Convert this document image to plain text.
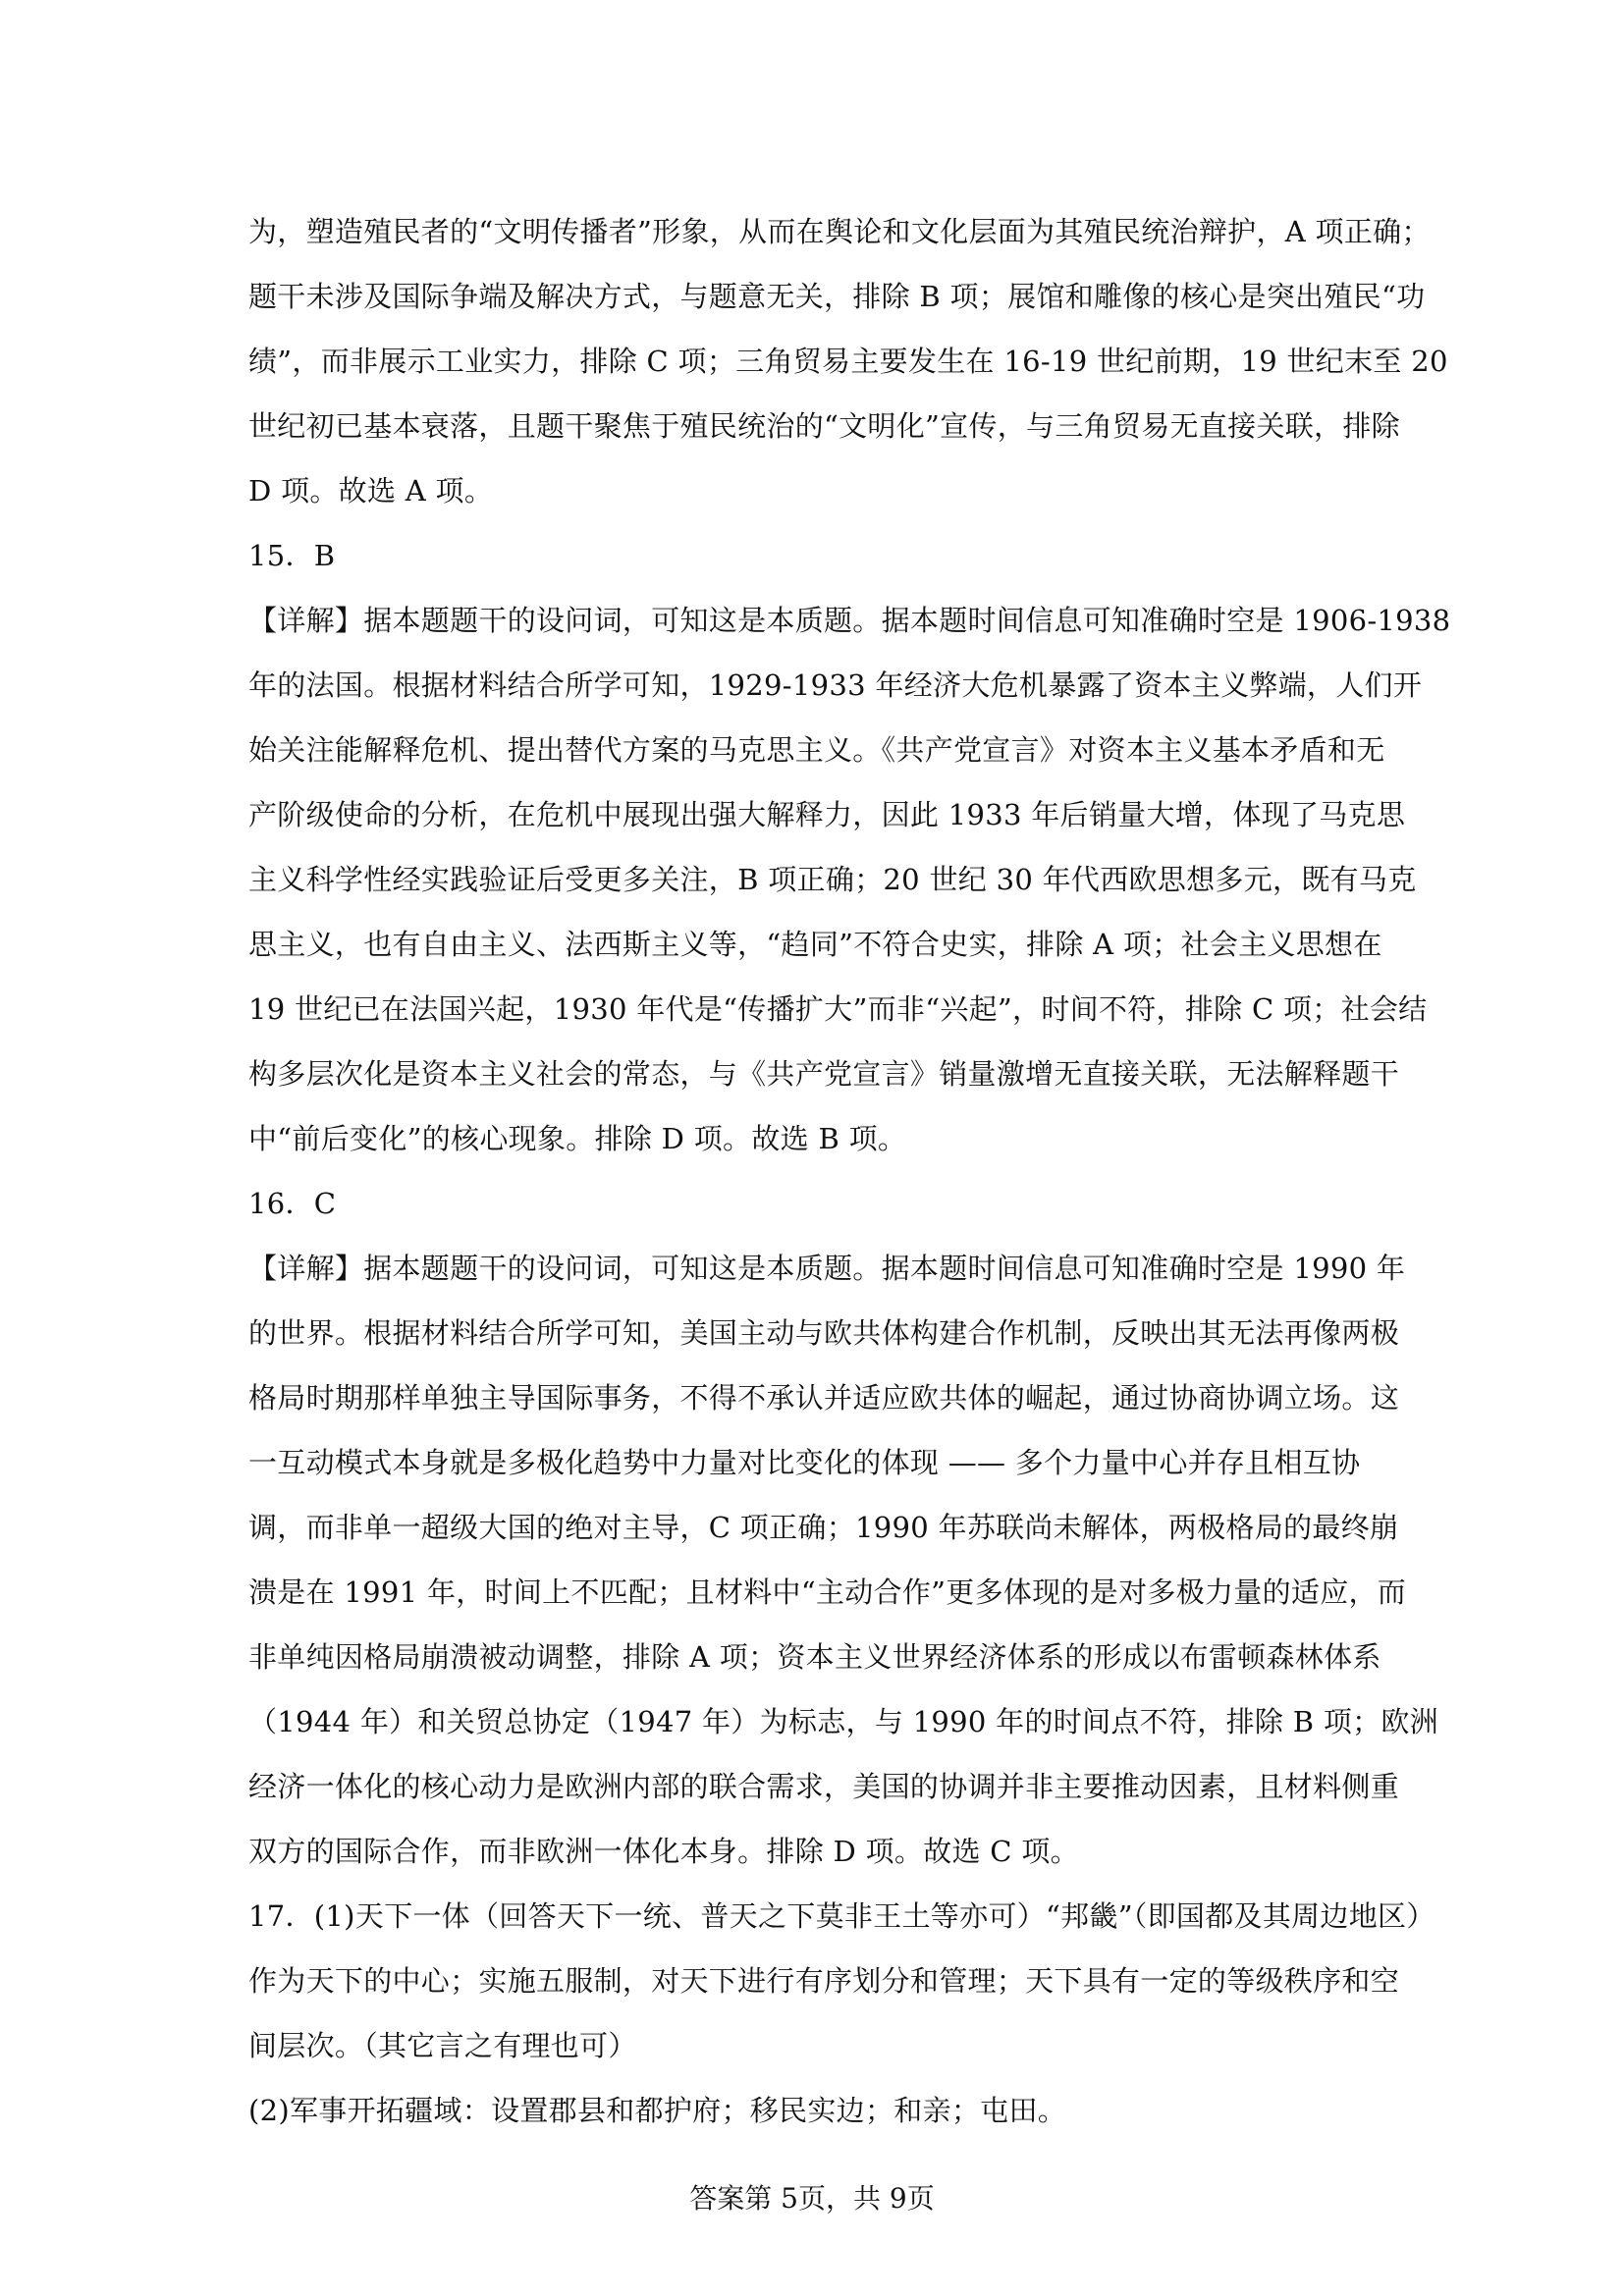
为，塑造殖民者的“文明传播者”形象，从而在舆论和文化层面为其殖民统治辩护，A 项正确；
题干未涉及国际争端及解决方式，与题意无关，排除 B 项；展馆和雕像的核心是突出殖民“功
绩”，而非展示工业实力，排除 C 项；三角贸易主要发生在 16-19 世纪前期，19 世纪末至 20
世纪初已基本衰落，且题干聚焦于殖民统治的“文明化”宣传，与三角贸易无直接关联，排除
D 项。故选 A 项。
15．B
【详解】据本题题干的设问词，可知这是本质题。据本题时间信息可知准确时空是 1906-1938
年的法国。根据材料结合所学可知，1929-1933 年经济大危机暴露了资本主义弊端，人们开
始关注能解释危机、提出替代方案的马克思主义。《共产党宣言》对资本主义基本矛盾和无
产阶级使命的分析，在危机中展现出强大解释力，因此 1933 年后销量大增，体现了马克思
主义科学性经实践验证后受更多关注，B 项正确；20 世纪 30 年代西欧思想多元，既有马克
思主义，也有自由主义、法西斯主义等，“趋同”不符合史实，排除 A 项；社会主义思想在
19 世纪已在法国兴起，1930 年代是“传播扩大”而非“兴起”，时间不符，排除 C 项；社会结
构多层次化是资本主义社会的常态，与《共产党宣言》销量激增无直接关联，无法解释题干
中“前后变化”的核心现象。排除 D 项。故选 B 项。
16．C
【详解】据本题题干的设问词，可知这是本质题。据本题时间信息可知准确时空是 1990 年
的世界。根据材料结合所学可知，美国主动与欧共体构建合作机制，反映出其无法再像两极
格局时期那样单独主导国际事务，不得不承认并适应欧共体的崛起，通过协商协调立场。这
一互动模式本身就是多极化趋势中力量对比变化的体现 —— 多个力量中心并存且相互协
调，而非单一超级大国的绝对主导，C 项正确；1990 年苏联尚未解体，两极格局的最终崩
溃是在 1991 年，时间上不匹配；且材料中“主动合作”更多体现的是对多极力量的适应，而
非单纯因格局崩溃被动调整，排除 A 项；资本主义世界经济体系的形成以布雷顿森林体系
（1944 年）和关贸总协定（1947 年）为标志，与 1990 年的时间点不符，排除 B 项；欧洲
经济一体化的核心动力是欧洲内部的联合需求，美国的协调并非主要推动因素，且材料侧重
双方的国际合作，而非欧洲一体化本身。排除 D 项。故选 C 项。
17．(1)天下一体（回答天下一统、普天之下莫非王土等亦可）“邦畿”（即国都及其周边地区）
作为天下的中心；实施五服制，对天下进行有序划分和管理；天下具有一定的等级秩序和空
间层次。（其它言之有理也可）
(2)军事开拓疆域：设置郡县和都护府；移民实边；和亲；屯田。
答案第 5页，共 9页
